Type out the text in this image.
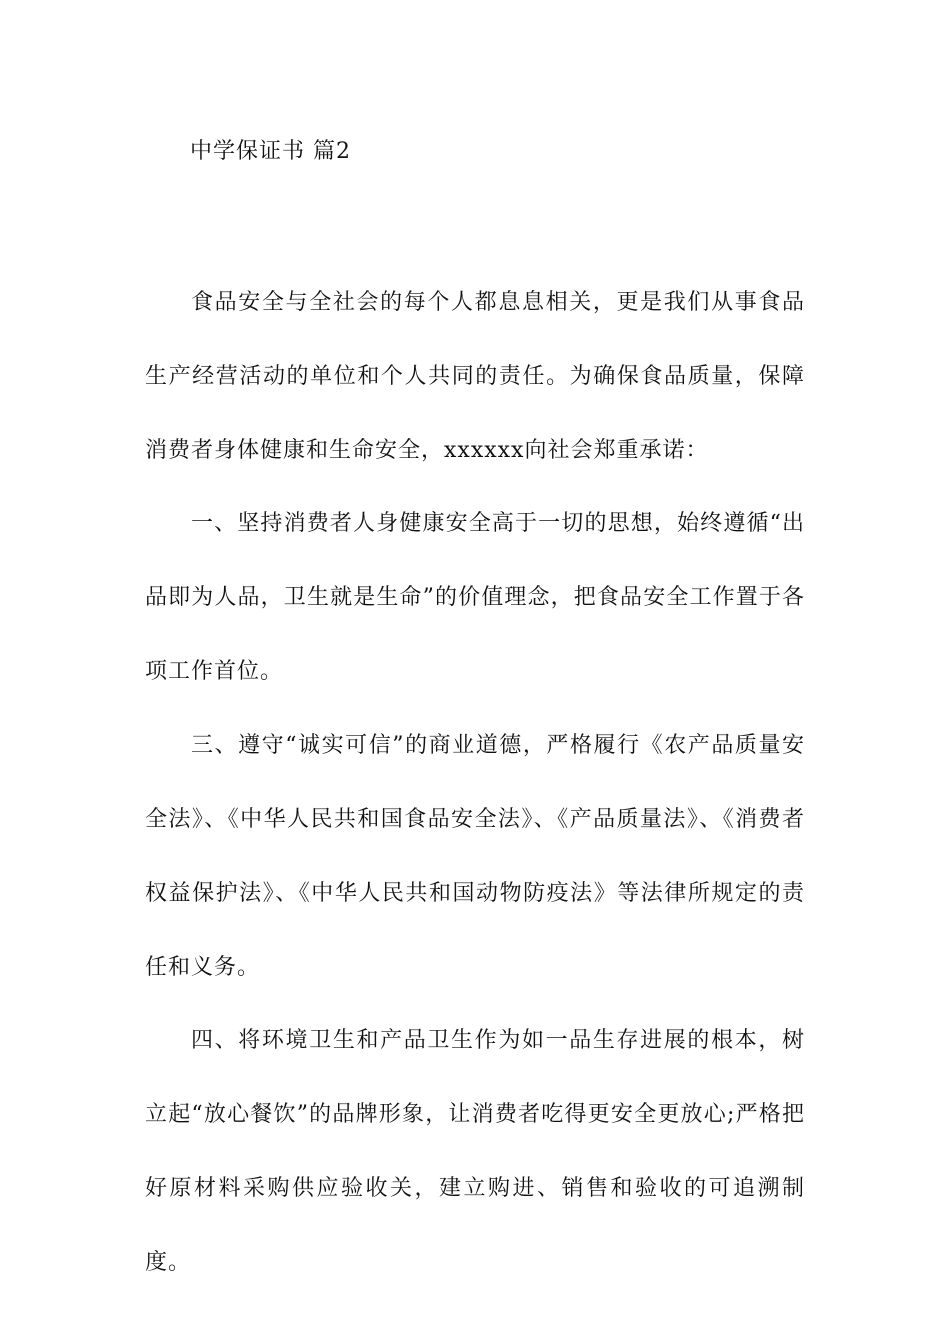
中学保证书 篇2

食品安全与全社会的每个人都息息相关，更是我们从事食品生产经营活动的单位和个人共同的责任。为确保食品质量，保障消费者身体健康和生命安全，xxxxxx向社会郑重承诺：

一、坚持消费者人身健康安全高于一切的思想，始终遵循“出品即为人品，卫生就是生命”的价值理念，把食品安全工作置于各项工作首位。

三、遵守“诚实可信”的商业道德，严格履行《农产品质量安全法》、《中华人民共和国食品安全法》、《产品质量法》、《消费者权益保护法》、《中华人民共和国动物防疫法》等法律所规定的责任和义务。

四、将环境卫生和产品卫生作为如一品生存进展的根本，树立起“放心餐饮”的品牌形象，让消费者吃得更安全更放心;严格把好原材料采购供应验收关，建立购进、销售和验收的可追溯制度。
